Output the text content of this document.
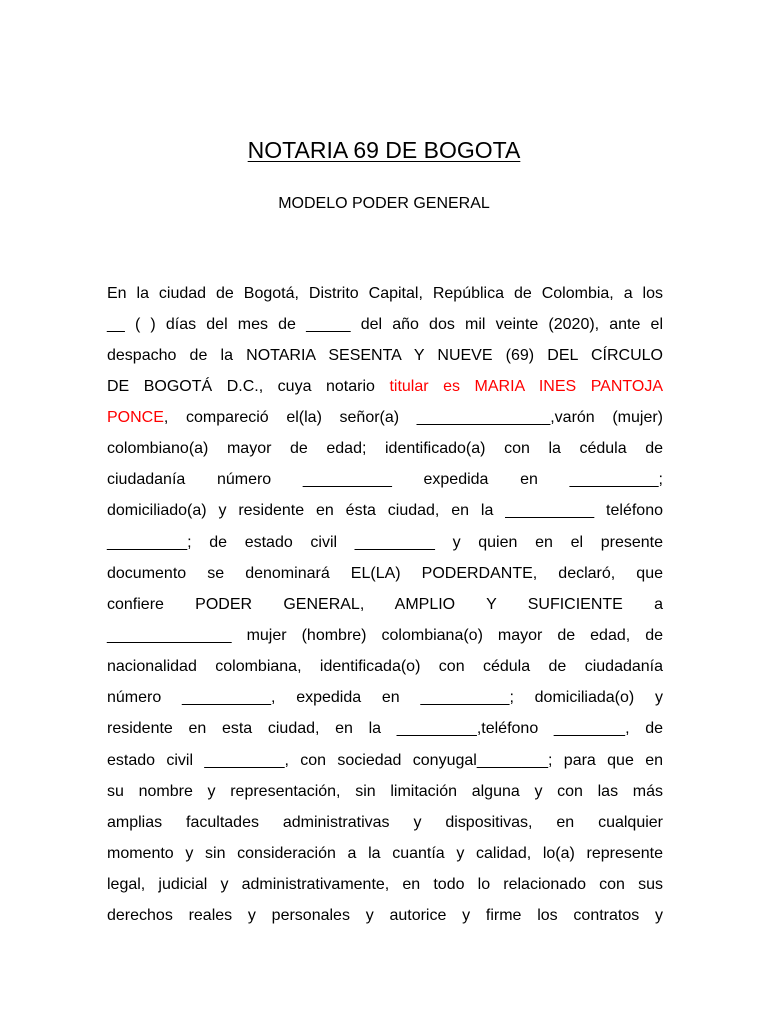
NOTARIA 69 DE BOGOTA
MODELO PODER GENERAL
En la ciudad de Bogotá, Distrito Capital, República de Colombia, a los
__ ( ) días del mes de _____ del año dos mil veinte (2020), ante el
despacho de la NOTARIA SESENTA Y NUEVE (69) DEL CÍRCULO
DE BOGOTÁ D.C., cuya notario titular es MARIA INES PANTOJA
PONCE, compareció el(la) señor(a) _______________,varón (mujer)
colombiano(a) mayor de edad; identificado(a) con la cédula de
ciudadanía número __________ expedida en __________;
domiciliado(a) y residente en ésta ciudad, en la __________ teléfono
_________; de estado civil _________ y quien en el presente
documento se denominará EL(LA) PODERDANTE, declaró, que
confiere PODER GENERAL, AMPLIO Y SUFICIENTE a
______________ mujer (hombre) colombiana(o) mayor de edad, de
nacionalidad colombiana, identificada(o) con cédula de ciudadanía
número __________, expedida en __________; domiciliada(o) y
residente en esta ciudad, en la _________,teléfono ________, de
estado civil _________, con sociedad conyugal________; para que en
su nombre y representación, sin limitación alguna y con las más
amplias facultades administrativas y dispositivas, en cualquier
momento y sin consideración a la cuantía y calidad, lo(a) represente
legal, judicial y administrativamente, en todo lo relacionado con sus
derechos reales y personales y autorice y firme los contratos y
